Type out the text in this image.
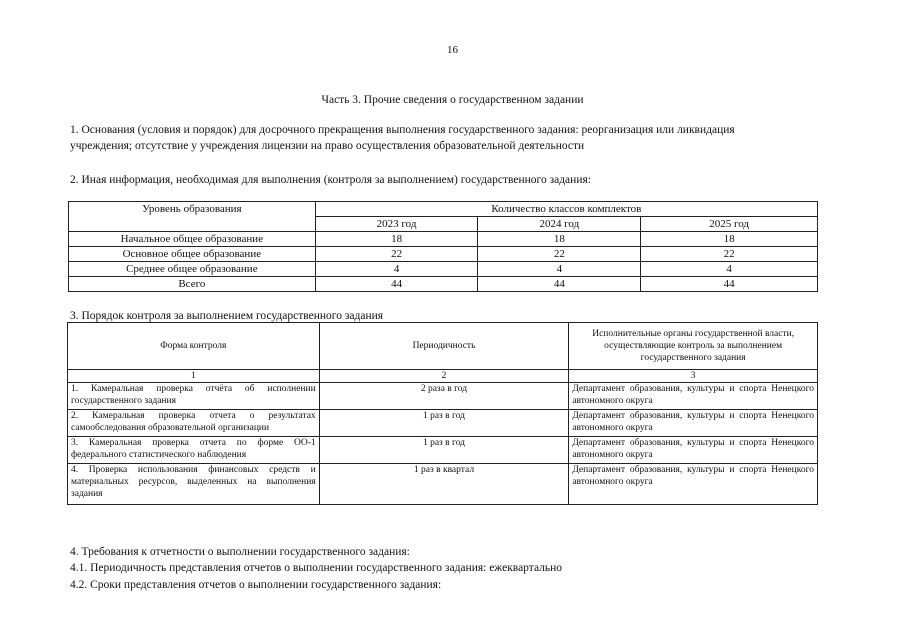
16
Часть 3. Прочие сведения о государственном задании
1. Основания (условия и порядок) для досрочного прекращения выполнения государственного задания: реорганизация или ликвидация
учреждения; отсутствие у учреждения лицензии на право осуществления образовательной деятельности
2. Иная информация, необходимая для выполнения (контроля за выполнением) государственного задания:
Уровень образования	Количество классов комплектов		
	2023 год	2024 год	2025 год
Начальное общее образование	18	18	18
Основное общее образование	22	22	22
Среднее общее образование	4	4	4
Всего	44	44	44
3. Порядок контроля за выполнением государственного задания
Форма контроля	Периодичность	Исполнительные органы государственной власти, осуществляющие контроль за выполнением государственного задания
1	2	3
1. Камеральная проверка отчёта об исполнении государственного задания	2 раза в год	Департамент образования, культуры и спорта Ненецкого автономного округа
2. Камеральная проверка отчета о результатах самообследования образовательной организации	1 раз в год	Департамент образования, культуры и спорта Ненецкого автономного округа
3. Камеральная проверка отчета по форме ОО-1 федерального статистического наблюдения	1 раз в год	Департамент образования, культуры и спорта Ненецкого автономного округа
4. Проверка использования финансовых средств и материальных ресурсов, выделенных на выполнения задания	1 раз в квартал	Департамент образования, культуры и спорта Ненецкого автономного округа
4. Требования к отчетности о выполнении государственного задания:
4.1. Периодичность представления отчетов о выполнении государственного задания: ежеквартально
4.2. Сроки представления отчетов о выполнении государственного задания:
